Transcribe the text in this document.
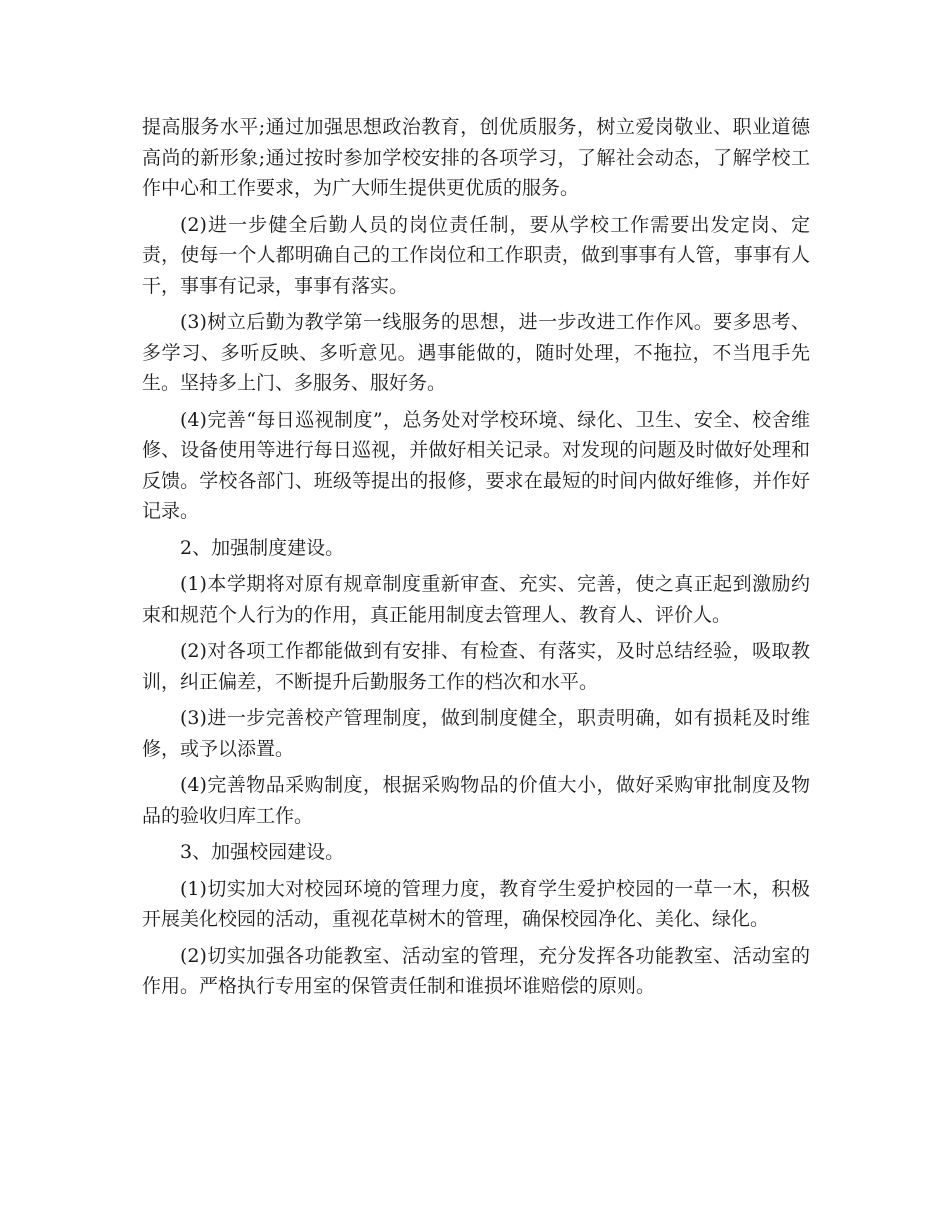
提高服务水平;通过加强思想政治教育，创优质服务，树立爱岗敬业、职业道德高尚的新形象;通过按时参加学校安排的各项学习，了解社会动态，了解学校工作中心和工作要求，为广大师生提供更优质的服务。

(2)进一步健全后勤人员的岗位责任制，要从学校工作需要出发定岗、定责，使每一个人都明确自己的工作岗位和工作职责，做到事事有人管，事事有人干，事事有记录，事事有落实。

(3)树立后勤为教学第一线服务的思想，进一步改进工作作风。要多思考、多学习、多听反映、多听意见。遇事能做的，随时处理，不拖拉，不当甩手先生。坚持多上门、多服务、服好务。

(4)完善“每日巡视制度”，总务处对学校环境、绿化、卫生、安全、校舍维修、设备使用等进行每日巡视，并做好相关记录。对发现的问题及时做好处理和反馈。学校各部门、班级等提出的报修，要求在最短的时间内做好维修，并作好记录。

2、加强制度建设。

(1)本学期将对原有规章制度重新审查、充实、完善，使之真正起到激励约束和规范个人行为的作用，真正能用制度去管理人、教育人、评价人。

(2)对各项工作都能做到有安排、有检查、有落实，及时总结经验，吸取教训，纠正偏差，不断提升后勤服务工作的档次和水平。

(3)进一步完善校产管理制度，做到制度健全，职责明确，如有损耗及时维修，或予以添置。

(4)完善物品采购制度，根据采购物品的价值大小，做好采购审批制度及物品的验收归库工作。

3、加强校园建设。

(1)切实加大对校园环境的管理力度，教育学生爱护校园的一草一木，积极开展美化校园的活动，重视花草树木的管理，确保校园净化、美化、绿化。

(2)切实加强各功能教室、活动室的管理，充分发挥各功能教室、活动室的作用。严格执行专用室的保管责任制和谁损坏谁赔偿的原则。
